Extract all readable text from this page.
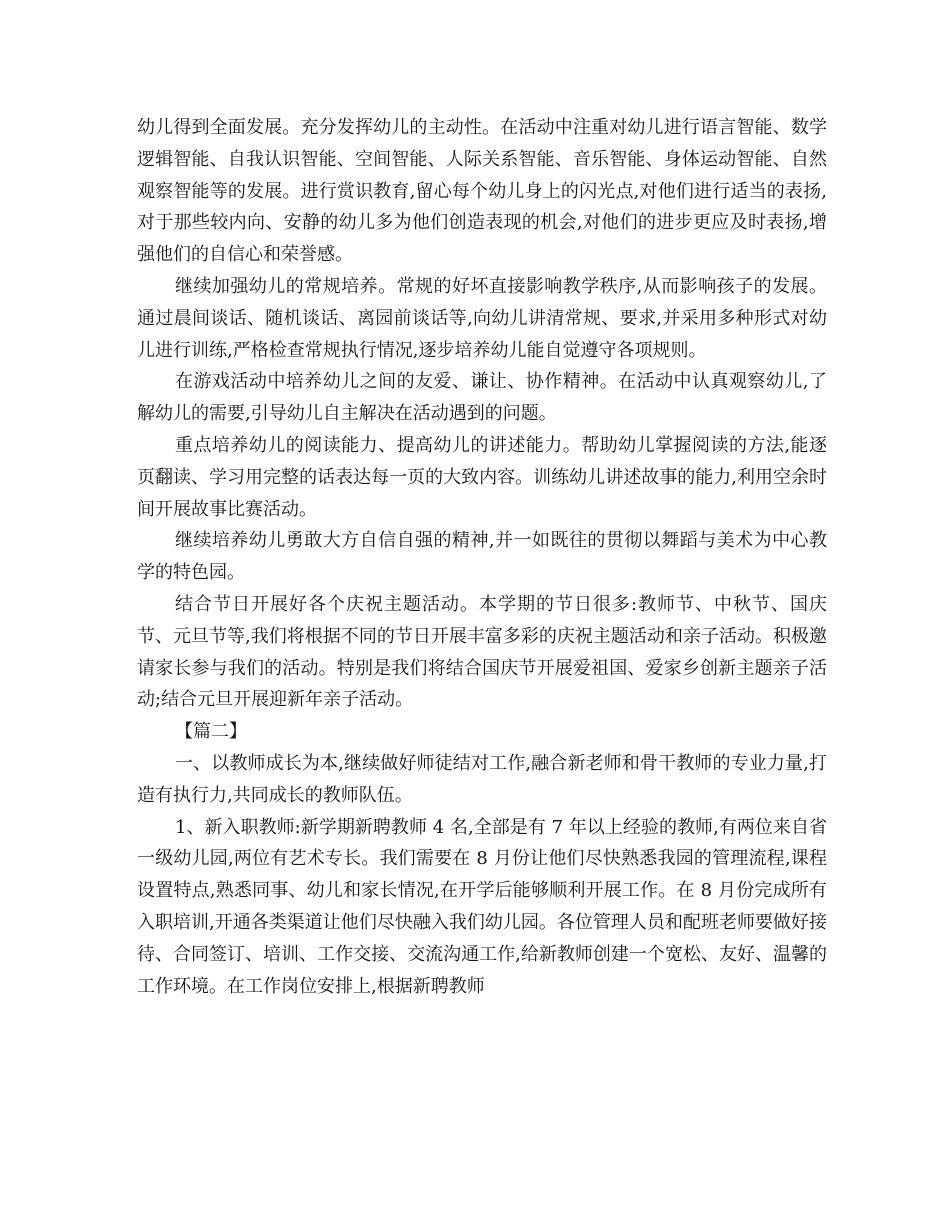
幼儿得到全面发展。充分发挥幼儿的主动性。在活动中注重对幼儿进行语言智能、数学逻辑智能、自我认识智能、空间智能、人际关系智能、音乐智能、身体运动智能、自然观察智能等的发展。进行赏识教育,留心每个幼儿身上的闪光点,对他们进行适当的表扬,对于那些较内向、安静的幼儿多为他们创造表现的机会,对他们的进步更应及时表扬,增强他们的自信心和荣誉感。

继续加强幼儿的常规培养。常规的好坏直接影响教学秩序,从而影响孩子的发展。通过晨间谈话、随机谈话、离园前谈话等,向幼儿讲清常规、要求,并采用多种形式对幼儿进行训练,严格检查常规执行情况,逐步培养幼儿能自觉遵守各项规则。

在游戏活动中培养幼儿之间的友爱、谦让、协作精神。在活动中认真观察幼儿,了解幼儿的需要,引导幼儿自主解决在活动遇到的问题。

重点培养幼儿的阅读能力、提高幼儿的讲述能力。帮助幼儿掌握阅读的方法,能逐页翻读、学习用完整的话表达每一页的大致内容。训练幼儿讲述故事的能力,利用空余时间开展故事比赛活动。

继续培养幼儿勇敢大方自信自强的精神,并一如既往的贯彻以舞蹈与美术为中心教学的特色园。

结合节日开展好各个庆祝主题活动。本学期的节日很多:教师节、中秋节、国庆节、元旦节等,我们将根据不同的节日开展丰富多彩的庆祝主题活动和亲子活动。积极邀请家长参与我们的活动。特别是我们将结合国庆节开展爱祖国、爱家乡创新主题亲子活动;结合元旦开展迎新年亲子活动。

【篇二】

一、以教师成长为本,继续做好师徒结对工作,融合新老师和骨干教师的专业力量,打造有执行力,共同成长的教师队伍。

1、新入职教师:新学期新聘教师 4 名,全部是有 7 年以上经验的教师,有两位来自省一级幼儿园,两位有艺术专长。我们需要在 8 月份让他们尽快熟悉我园的管理流程,课程设置特点,熟悉同事、幼儿和家长情况,在开学后能够顺利开展工作。在 8 月份完成所有入职培训,开通各类渠道让他们尽快融入我们幼儿园。各位管理人员和配班老师要做好接待、合同签订、培训、工作交接、交流沟通工作,给新教师创建一个宽松、友好、温馨的工作环境。在工作岗位安排上,根据新聘教师
